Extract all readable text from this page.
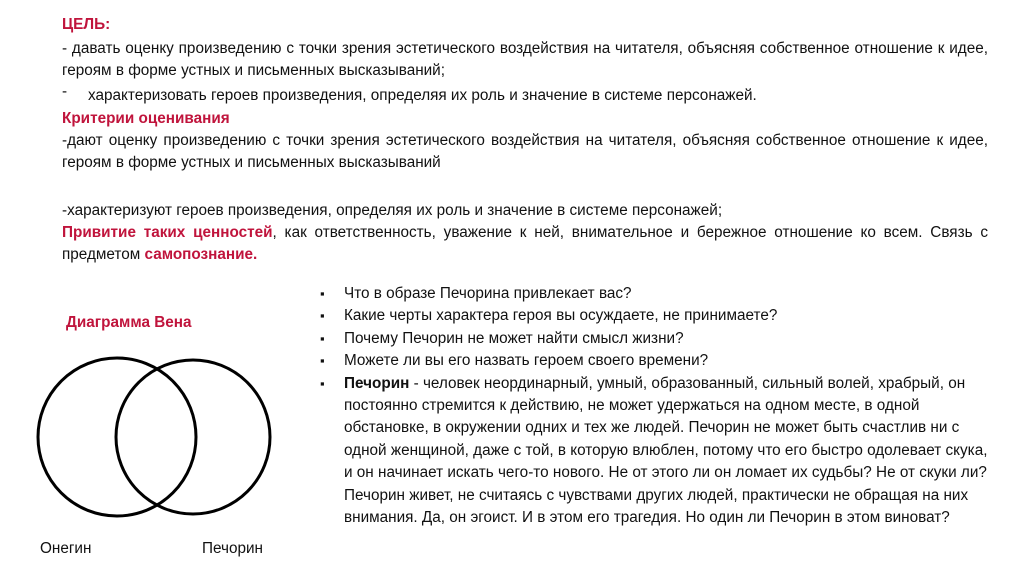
ЦЕЛЬ:
- давать оценку произведению с точки зрения эстетического воздействия на читателя, объясняя собственное отношение к идее, героям в форме устных и письменных высказываний;
- характеризовать героев произведения, определяя их роль и значение в системе персонажей.
Критерии оценивания
-дают оценку произведению с точки зрения эстетического воздействия на читателя, объясняя собственное отношение к идее, героям в форме устных и письменных высказываний
-характеризуют героев произведения, определяя их роль и значение в системе персонажей;
Привитие таких ценностей, как ответственность, уважение к ней, внимательное и бережное отношение ко всем. Связь с предметом самопознание.
Диаграмма Вена
▪ Что в образе Печорина привлекает вас?
▪ Какие черты характера героя вы осуждаете, не принимаете?
▪ Почему Печорин не может найти смысл жизни?
▪ Можете ли вы его назвать героем своего времени?
▪ Печорин - человек неординарный, умный, образованный, сильный волей, храбрый, он постоянно стремится к действию, не может удержаться на одном месте, в одной обстановке, в окружении одних и тех же людей. Печорин не может быть счастлив ни с одной женщиной, даже с той, в которую влюблен, потому что его быстро одолевает скука, и он начинает искать чего-то нового. Не от этого ли он ломает их судьбы? Не от скуки ли? Печорин живет, не считаясь с чувствами других людей, практически не обращая на них внимания. Да, он эгоист. И в этом его трагедия. Но один ли Печорин в этом виноват?
Онегин	Печорин
